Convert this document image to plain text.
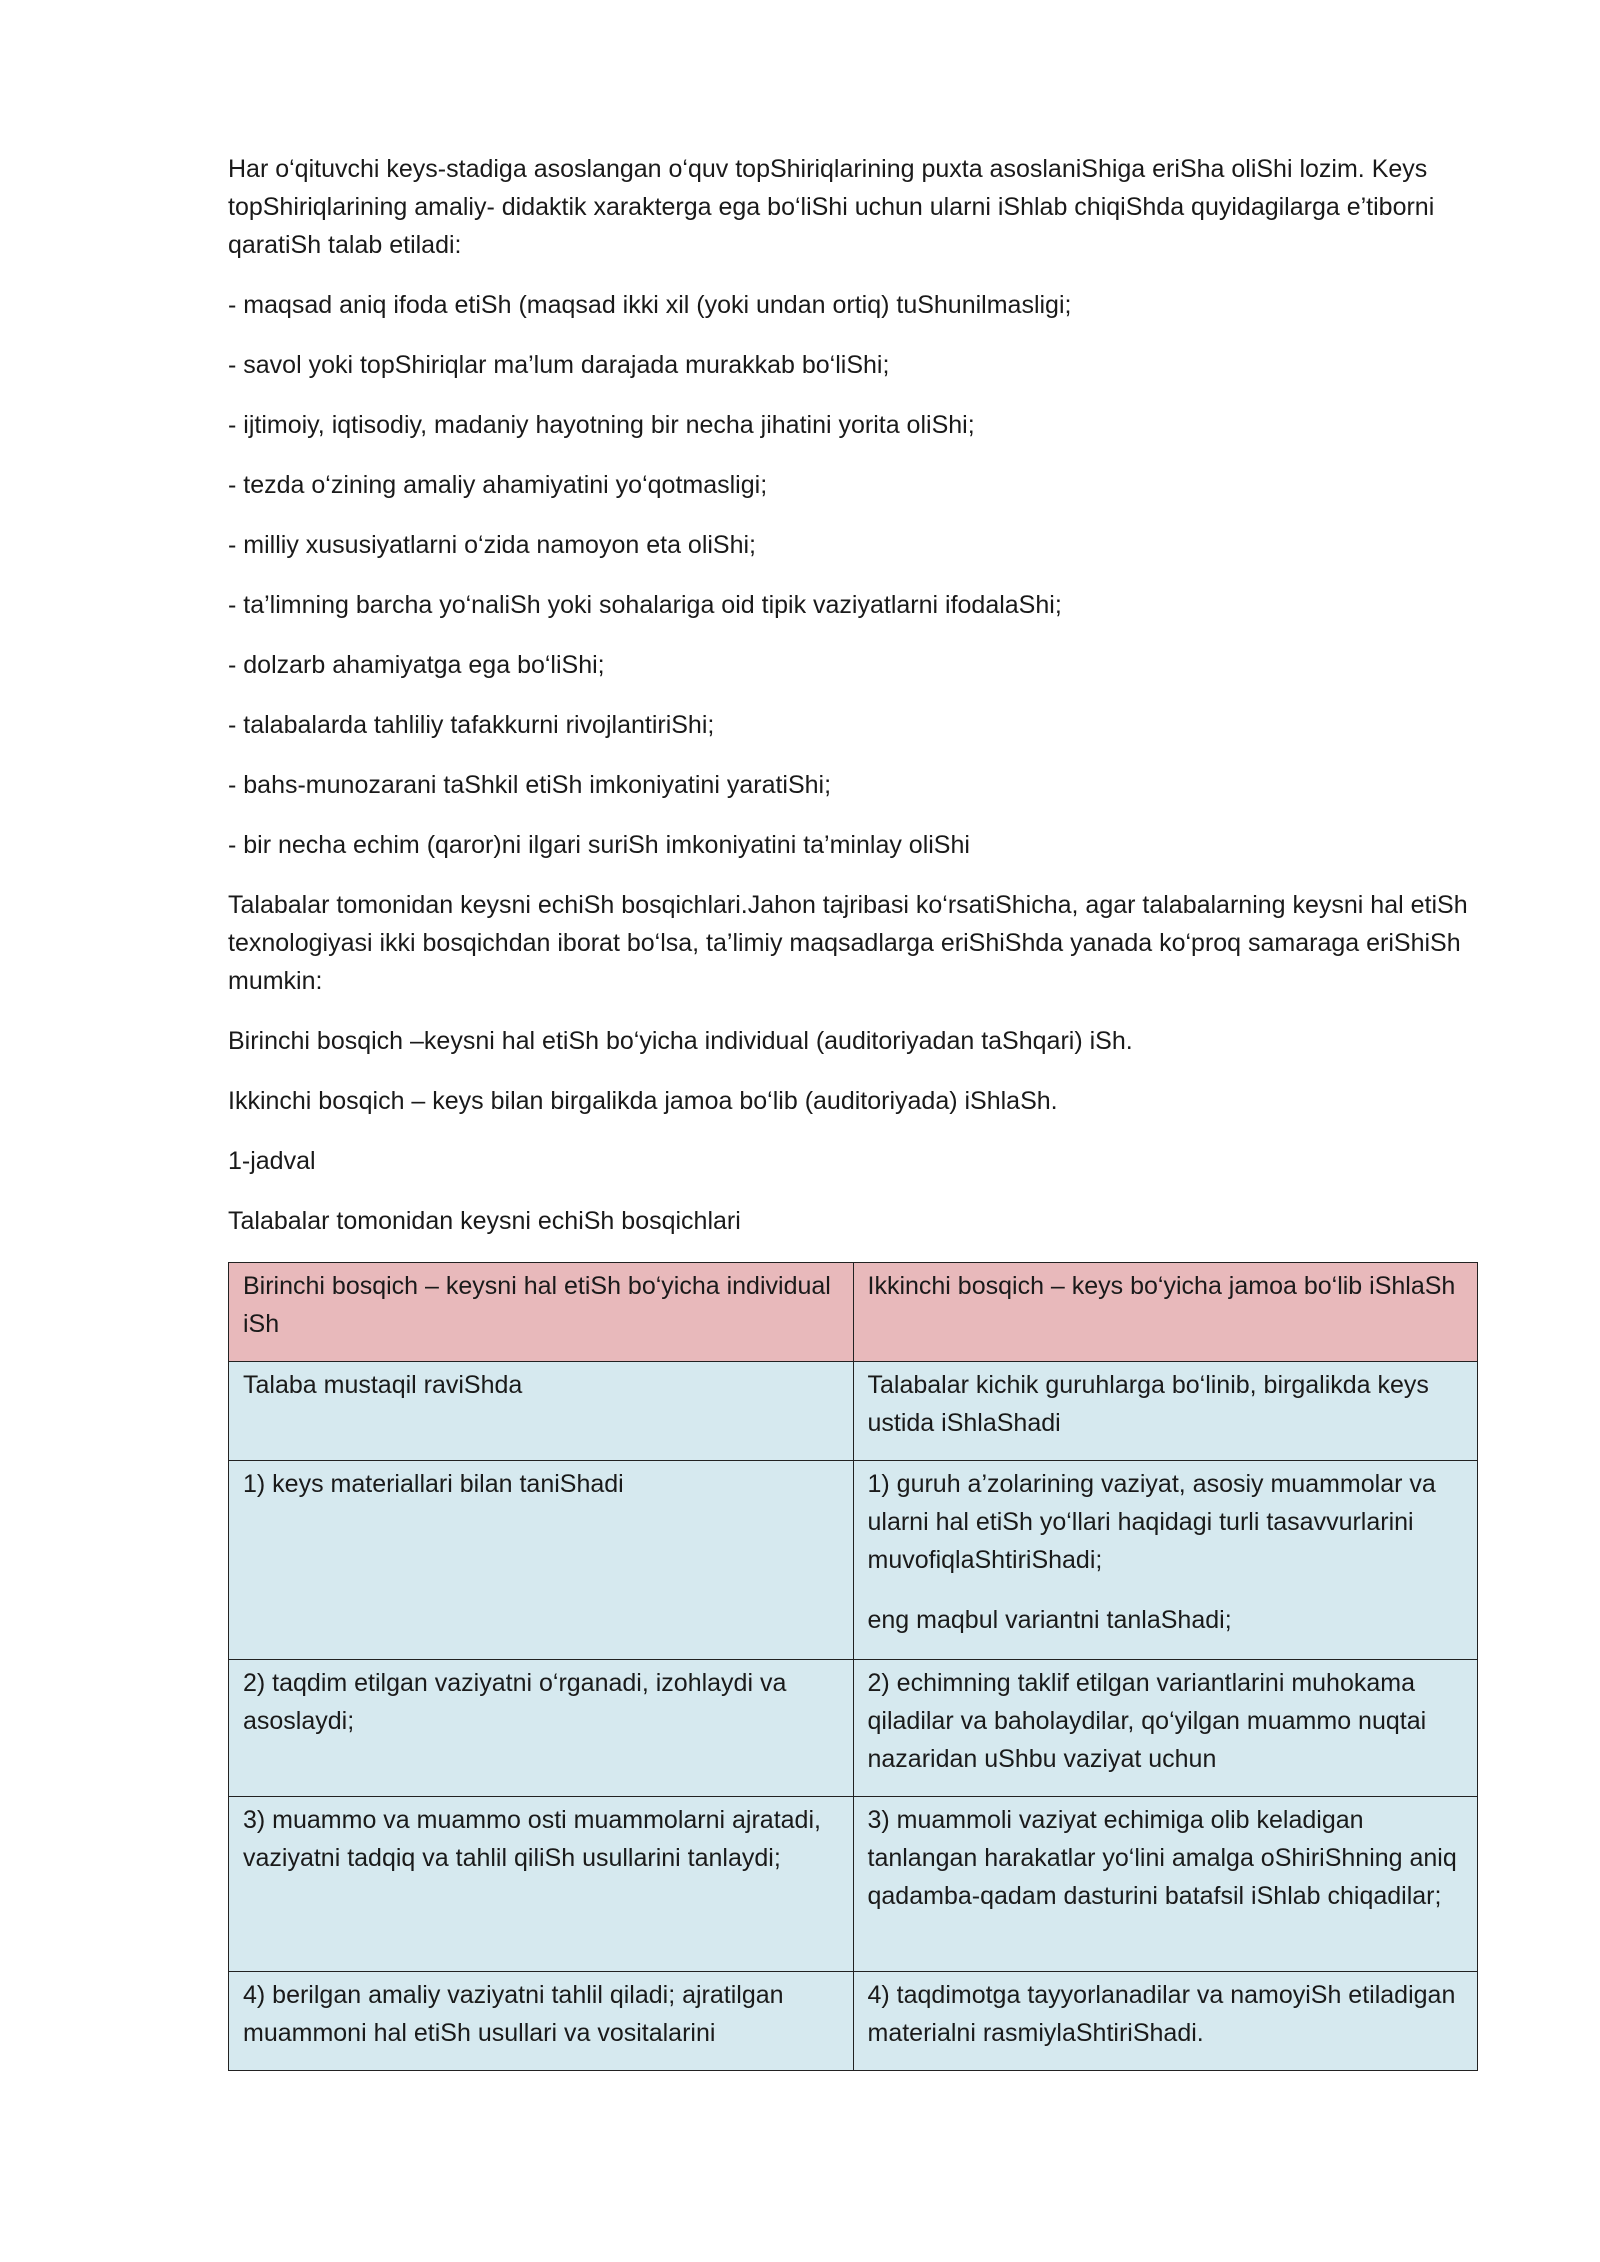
Har o‘qituvchi keys-stadiga asoslangan o‘quv topShiriqlarining puxta asoslaniShiga eriSha oliShi lozim. Keys topShiriqlarining amaliy- didaktik xarakterga ega bo‘liShi uchun ularni iShlab chiqiShda quyidagilarga e’tiborni qaratiSh talab etiladi:

- maqsad aniq ifoda etiSh (maqsad ikki xil (yoki undan ortiq) tuShunilmasligi;

- savol yoki topShiriqlar ma’lum darajada murakkab bo‘liShi;

- ijtimoiy, iqtisodiy, madaniy hayotning bir necha jihatini yorita oliShi;

- tezda o‘zining amaliy ahamiyatini yo‘qotmasligi;

- milliy xususiyatlarni o‘zida namoyon eta oliShi;

- ta’limning barcha yo‘naliSh yoki sohalariga oid tipik vaziyatlarni ifodalaShi;

- dolzarb ahamiyatga ega bo‘liShi;

- talabalarda tahliliy tafakkurni rivojlantiriShi;

- bahs-munozarani taShkil etiSh imkoniyatini yaratiShi;

- bir necha echim (qaror)ni ilgari suriSh imkoniyatini ta’minlay oliShi

Talabalar tomonidan keysni echiSh bosqichlari.Jahon tajribasi ko‘rsatiShicha, agar talabalarning keysni hal etiSh texnologiyasi ikki bosqichdan iborat bo‘lsa, ta’limiy maqsadlarga eriShiShda yanada ko‘proq samaraga eriShiSh mumkin:

Birinchi bosqich –keysni hal etiSh bo‘yicha individual (auditoriyadan taShqari) iSh.

Ikkinchi bosqich – keys bilan birgalikda jamoa bo‘lib (auditoriyada) iShlaSh.

1-jadval

Talabalar tomonidan keysni echiSh bosqichlari

Birinchi bosqich – keysni hal etiSh bo‘yicha individual iSh	Ikkinchi bosqich – keys bo‘yicha jamoa bo‘lib iShlaSh
Talaba mustaqil raviShda	Talabalar kichik guruhlarga bo‘linib, birgalikda keys ustida iShlaShadi
1) keys materiallari bilan taniShadi	1) guruh a’zolarining vaziyat, asosiy muammolar va ularni hal etiSh yo‘llari haqidagi turli tasavvurlarini muvofiqlaShtiriShadi;

eng maqbul variantni tanlaShadi;

2) taqdim etilgan vaziyatni o‘rganadi, izohlaydi va asoslaydi;	2) echimning taklif etilgan variantlarini muhokama qiladilar va baholaydilar, qo‘yilgan muammo nuqtai nazaridan uShbu vaziyat uchun
3) muammo va muammo osti muammolarni ajratadi, vaziyatni tadqiq va tahlil qiliSh usullarini tanlaydi;	3) muammoli vaziyat echimiga olib keladigan tanlangan harakatlar yo‘lini amalga oShiriShning aniq qadamba-qadam dasturini batafsil iShlab chiqadilar;
4) berilgan amaliy vaziyatni tahlil qiladi; ajratilgan muammoni hal etiSh usullari va vositalarini	4) taqdimotga tayyorlanadilar va namoyiSh etiladigan materialni rasmiylaShtiriShadi.
